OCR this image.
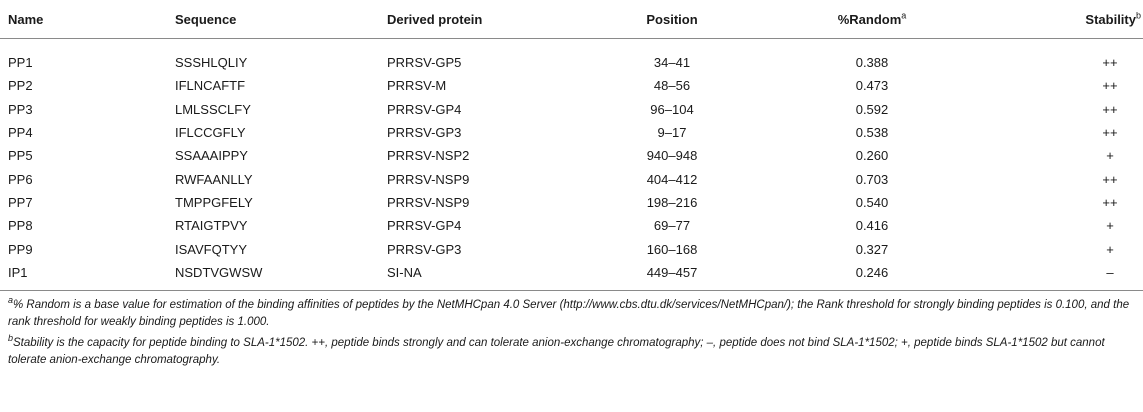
Name	Sequence	Derived protein	Position	%Random$^a$	Stability$^b$
PP1	SSSHLQLIY	PRRSV-GP5	34–41	0.388	++
PP2	IFLNCAFTF	PRRSV-M	48–56	0.473	++
PP3	LMLSSCLFY	PRRSV-GP4	96–104	0.592	++
PP4	IFLCCGFLY	PRRSV-GP3	9–17	0.538	++
PP5	SSAAAIPPY	PRRSV-NSP2	940–948	0.260	+
PP6	RWFAANLLY	PRRSV-NSP9	404–412	0.703	++
PP7	TMPPGFELY	PRRSV-NSP9	198–216	0.540	++
PP8	RTAIGTPVY	PRRSV-GP4	69–77	0.416	+
PP9	ISAVFQTYY	PRRSV-GP3	160–168	0.327	+
IP1	NSDTVGWSW	SI-NA	449–457	0.246	–

$^a$% Random is a base value for estimation of the binding affinities of peptides by the NetMHCpan 4.0 Server (http://www.cbs.dtu.dk/services/NetMHCpan/); the Rank threshold for strongly binding peptides is 0.100, and the rank threshold for weakly binding peptides is 1.000.

$^b$Stability is the capacity for peptide binding to SLA-1*1502. ++, peptide binds strongly and can tolerate anion-exchange chromatography; –, peptide does not bind SLA-1*1502; +, peptide binds SLA-1*1502 but cannot tolerate anion-exchange chromatography.
